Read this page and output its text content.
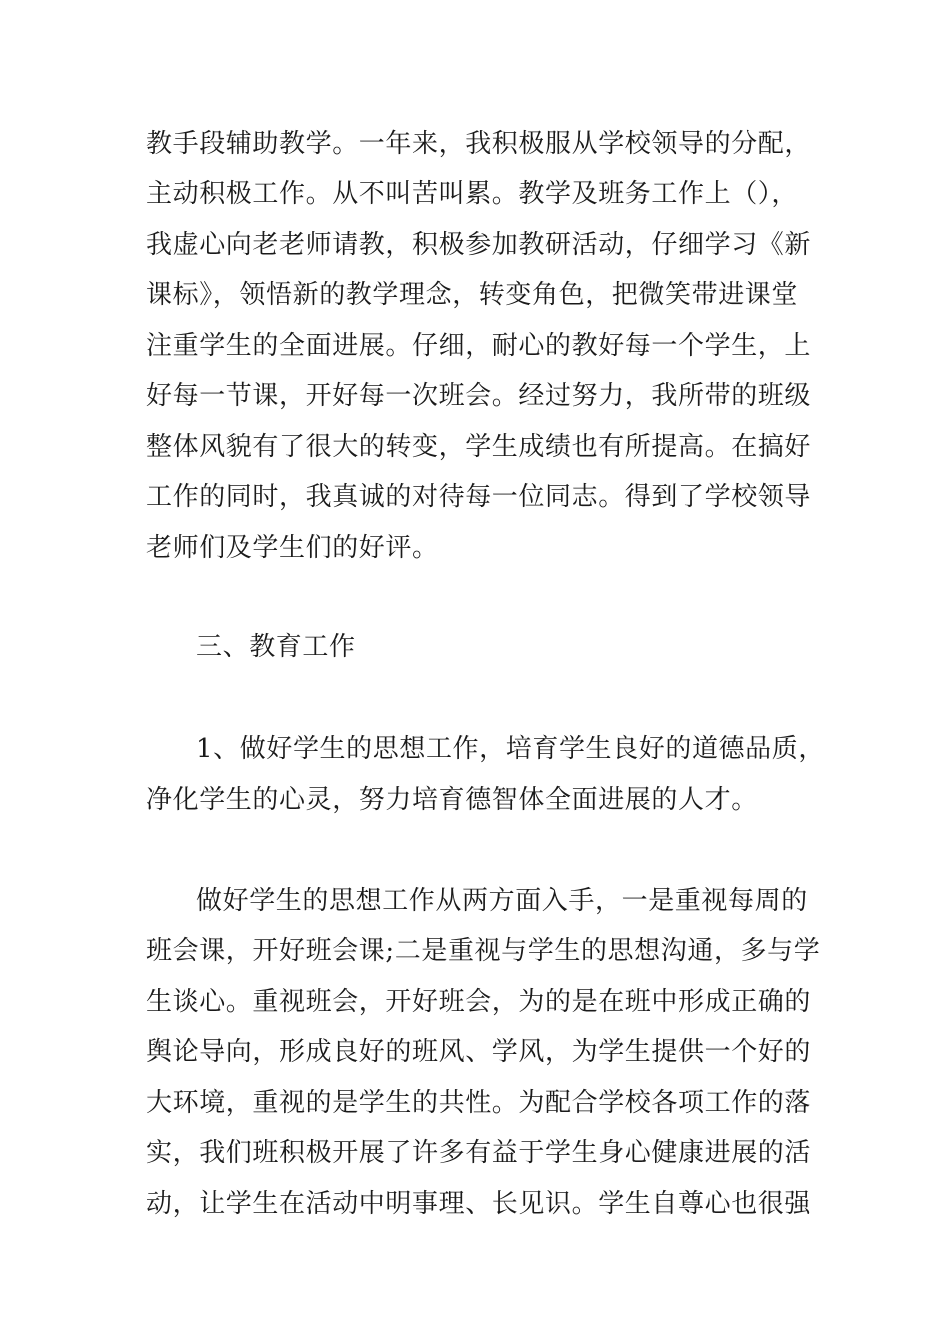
教手段辅助教学。一年来，我积极服从学校领导的分配，
主动积极工作。从不叫苦叫累。教学及班务工作上（），
我虚心向老老师请教，积极参加教研活动，仔细学习《新
课标》，领悟新的教学理念，转变角色，把微笑带进课堂
注重学生的全面进展。仔细，耐心的教好每一个学生，上
好每一节课，开好每一次班会。经过努力，我所带的班级
整体风貌有了很大的转变，学生成绩也有所提高。在搞好
工作的同时，我真诚的对待每一位同志。得到了学校领导
老师们及学生们的好评。
三、教育工作
1、做好学生的思想工作，培育学生良好的道德品质，
净化学生的心灵，努力培育德智体全面进展的人才。
做好学生的思想工作从两方面入手，一是重视每周的
班会课，开好班会课;二是重视与学生的思想沟通，多与学
生谈心。重视班会，开好班会，为的是在班中形成正确的
舆论导向，形成良好的班风、学风，为学生提供一个好的
大环境，重视的是学生的共性。为配合学校各项工作的落
实，我们班积极开展了许多有益于学生身心健康进展的活
动，让学生在活动中明事理、长见识。学生自尊心也很强
